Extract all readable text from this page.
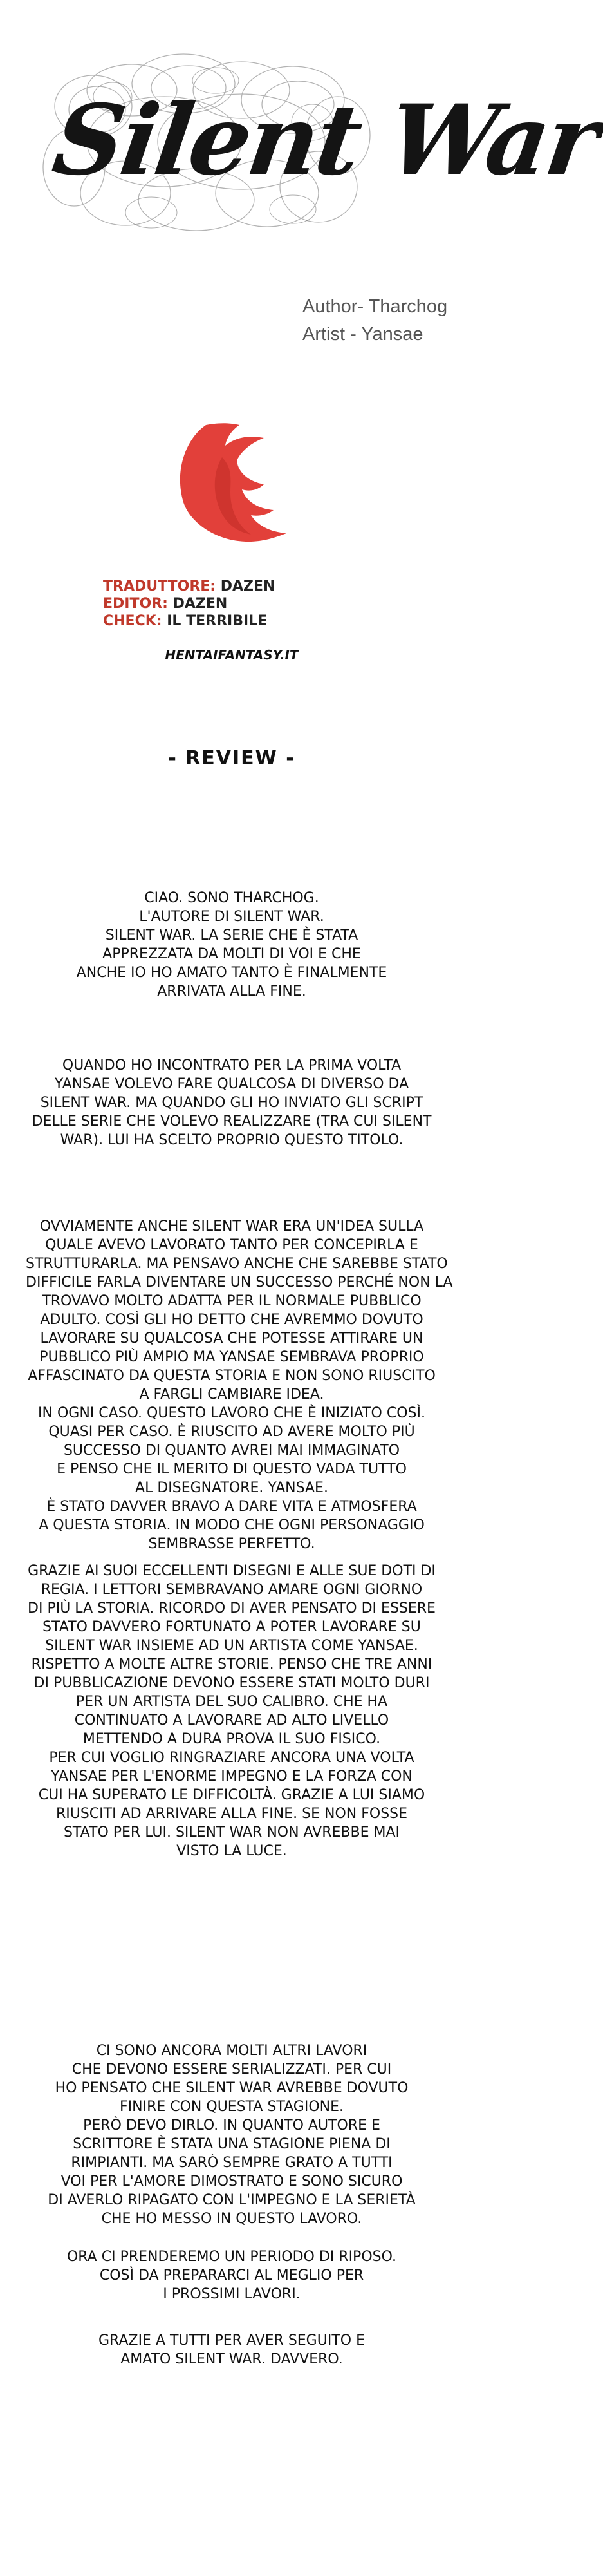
Silent War
Author- Tharchog
Artist - Yansae
TRADUTTORE: DAZEN
EDITOR: DAZEN
CHECK: IL TERRIBILE
HENTAIFANTASY.IT
- REVIEW -
CIAO. SONO THARCHOG.
L'AUTORE DI SILENT WAR.
SILENT WAR. LA SERIE CHE È STATA
APPREZZATA DA MOLTI DI VOI E CHE
ANCHE IO HO AMATO TANTO È FINALMENTE
ARRIVATA ALLA FINE.
QUANDO HO INCONTRATO PER LA PRIMA VOLTA
YANSAE VOLEVO FARE QUALCOSA DI DIVERSO DA
SILENT WAR. MA QUANDO GLI HO INVIATO GLI SCRIPT
DELLE SERIE CHE VOLEVO REALIZZARE (TRA CUI SILENT
WAR). LUI HA SCELTO PROPRIO QUESTO TITOLO.
OVVIAMENTE ANCHE SILENT WAR ERA UN'IDEA SULLA
QUALE AVEVO LAVORATO TANTO PER CONCEPIRLA E
STRUTTURARLA. MA PENSAVO ANCHE CHE SAREBBE STATO
DIFFICILE FARLA DIVENTARE UN SUCCESSO PERCHÉ NON LA
TROVAVO MOLTO ADATTA PER IL NORMALE PUBBLICO
ADULTO. COSÌ GLI HO DETTO CHE AVREMMO DOVUTO
LAVORARE SU QUALCOSA CHE POTESSE ATTIRARE UN
PUBBLICO PIÙ AMPIO MA YANSAE SEMBRAVA PROPRIO
AFFASCINATO DA QUESTA STORIA E NON SONO RIUSCITO
A FARGLI CAMBIARE IDEA.
IN OGNI CASO. QUESTO LAVORO CHE È INIZIATO COSÌ.
QUASI PER CASO. È RIUSCITO AD AVERE MOLTO PIÙ
SUCCESSO DI QUANTO AVREI MAI IMMAGINATO
E PENSO CHE IL MERITO DI QUESTO VADA TUTTO
AL DISEGNATORE. YANSAE.
È STATO DAVVER BRAVO A DARE VITA E ATMOSFERA
A QUESTA STORIA. IN MODO CHE OGNI PERSONAGGIO
SEMBRASSE PERFETTO.
GRAZIE AI SUOI ECCELLENTI DISEGNI E ALLE SUE DOTI DI
REGIA. I LETTORI SEMBRAVANO AMARE OGNI GIORNO
DI PIÙ LA STORIA. RICORDO DI AVER PENSATO DI ESSERE
STATO DAVVERO FORTUNATO A POTER LAVORARE SU
SILENT WAR INSIEME AD UN ARTISTA COME YANSAE.
RISPETTO A MOLTE ALTRE STORIE. PENSO CHE TRE ANNI
DI PUBBLICAZIONE DEVONO ESSERE STATI MOLTO DURI
PER UN ARTISTA DEL SUO CALIBRO. CHE HA
CONTINUATO A LAVORARE AD ALTO LIVELLO
METTENDO A DURA PROVA IL SUO FISICO.
PER CUI VOGLIO RINGRAZIARE ANCORA UNA VOLTA
YANSAE PER L'ENORME IMPEGNO E LA FORZA CON
CUI HA SUPERATO LE DIFFICOLTÀ. GRAZIE A LUI SIAMO
RIUSCITI AD ARRIVARE ALLA FINE. SE NON FOSSE
STATO PER LUI. SILENT WAR NON AVREBBE MAI
VISTO LA LUCE.
CI SONO ANCORA MOLTI ALTRI LAVORI
CHE DEVONO ESSERE SERIALIZZATI. PER CUI
HO PENSATO CHE SILENT WAR AVREBBE DOVUTO
FINIRE CON QUESTA STAGIONE.
PERÒ DEVO DIRLO. IN QUANTO AUTORE E
SCRITTORE È STATA UNA STAGIONE PIENA DI
RIMPIANTI. MA SARÒ SEMPRE GRATO A TUTTI
VOI PER L'AMORE DIMOSTRATO E SONO SICURO
DI AVERLO RIPAGATO CON L'IMPEGNO E LA SERIETÀ
CHE HO MESSO IN QUESTO LAVORO.
ORA CI PRENDEREMO UN PERIODO DI RIPOSO.
COSÌ DA PREPARARCI AL MEGLIO PER
I PROSSIMI LAVORI.
GRAZIE A TUTTI PER AVER SEGUITO E
AMATO SILENT WAR. DAVVERO.
